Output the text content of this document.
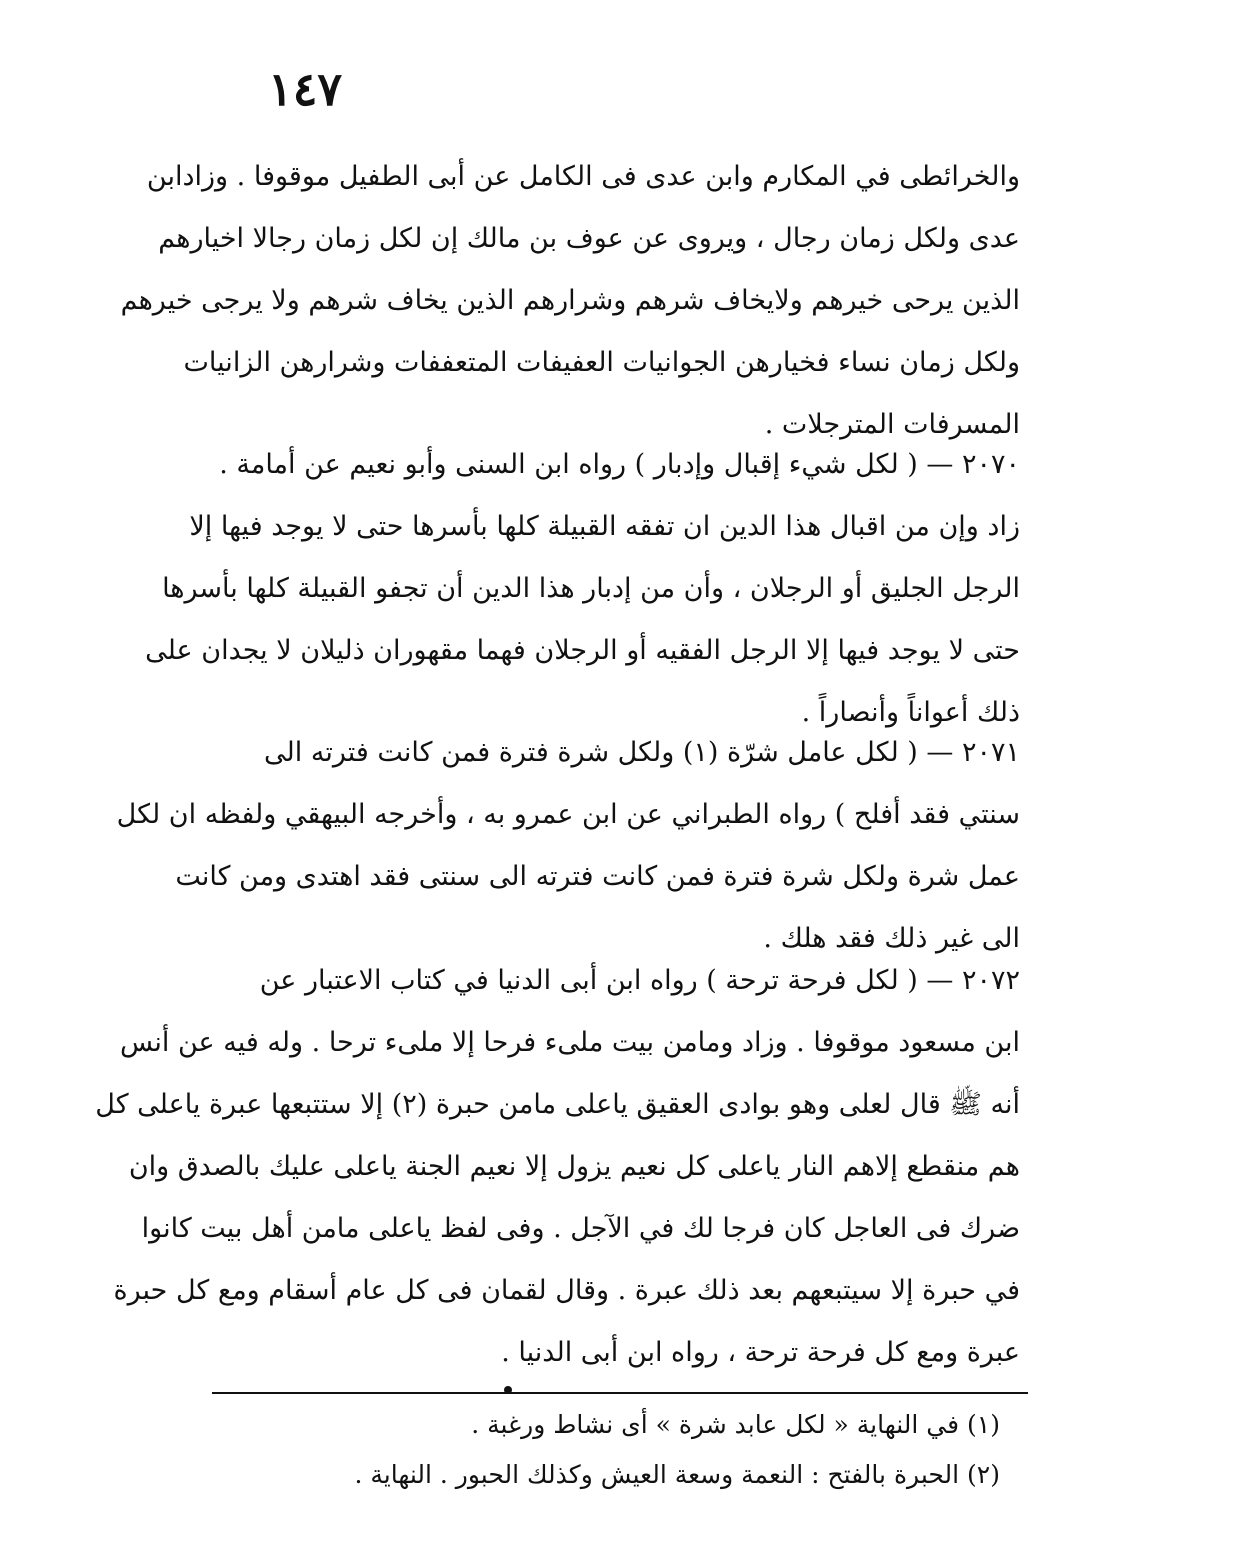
١٤٧
والخرائطى في المكارم وابن عدى فى الكامل عن أبى الطفيل موقوفا . وزادابن
عدى ولكل زمان رجال ، ويروى عن عوف بن مالك إن لكل زمان رجالا اخيارهم
الذين يرحى خيرهم ولايخاف شرهم وشرارهم الذين يخاف شرهم ولا يرجى خيرهم
ولكل زمان نساء فخيارهن الجوانيات العفيفات المتعففات وشرارهن الزانيات
المسرفات المترجلات .
٢٠٧٠ — ( لكل شيء إقبال وإدبار ) رواه ابن السنى وأبو نعيم عن أمامة .
زاد وإن من اقبال هذا الدين ان تفقه القبيلة كلها بأسرها حتى لا يوجد فيها إلا
الرجل الجليق أو الرجلان ، وأن من إدبار هذا الدين أن تجفو القبيلة كلها بأسرها
حتى لا يوجد فيها إلا الرجل الفقيه أو الرجلان فهما مقهوران ذليلان لا يجدان على
ذلك أعواناً وأنصاراً .
٢٠٧١ — ( لكل عامل شرّة (١) ولكل شرة فترة فمن كانت فترته الى
سنتي فقد أفلح ) رواه الطبراني عن ابن عمرو به ، وأخرجه البيهقي ولفظه ان لكل
عمل شرة ولكل شرة فترة فمن كانت فترته الى سنتى فقد اهتدى ومن كانت
الى غير ذلك فقد هلك .
٢٠٧٢ — ( لكل فرحة ترحة ) رواه ابن أبى الدنيا في كتاب الاعتبار عن
ابن مسعود موقوفا . وزاد ومامن بيت ملىء فرحا إلا ملىء ترحا . وله فيه عن أنس
أنه ﷺ قال لعلى وهو بوادى العقيق ياعلى مامن حبرة (٢) إلا ستتبعها عبرة ياعلى كل
هم منقطع إلاهم النار ياعلى كل نعيم يزول إلا نعيم الجنة ياعلى عليك بالصدق وان
ضرك فى العاجل كان فرجا لك في الآجل . وفى لفظ ياعلى مامن أهل بيت كانوا
في حبرة إلا سيتبعهم بعد ذلك عبرة . وقال لقمان فى كل عام أسقام ومع كل حبرة
عبرة ومع كل فرحة ترحة ، رواه ابن أبى الدنيا .
(١) في النهاية « لكل عابد شرة » أى نشاط ورغبة .
(٢) الحبرة بالفتح : النعمة وسعة العيش وكذلك الحبور . النهاية .
